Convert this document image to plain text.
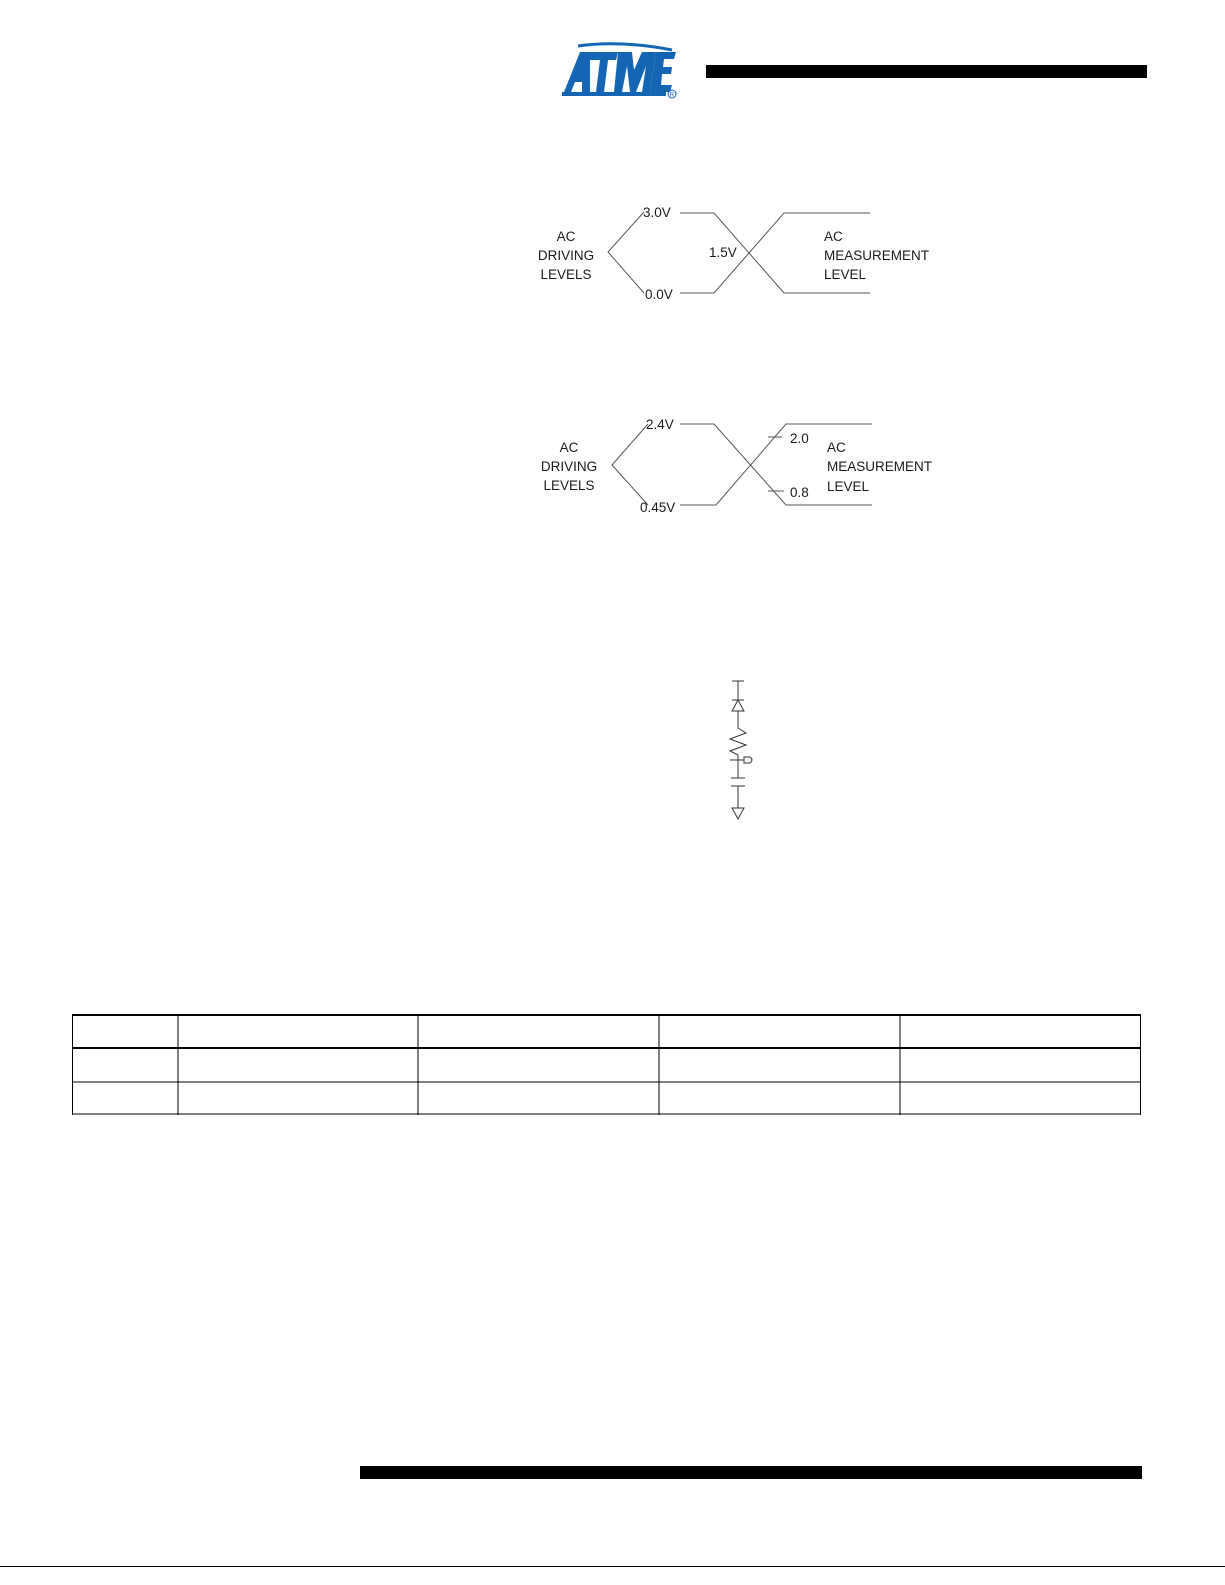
R
AC
DRIVING
LEVELS
3.0V
0.0V
1.5V
AC
MEASUREMENT
LEVEL
AC
DRIVING
LEVELS
2.4V
0.45V
2.0
0.8
AC
MEASUREMENT
LEVEL
